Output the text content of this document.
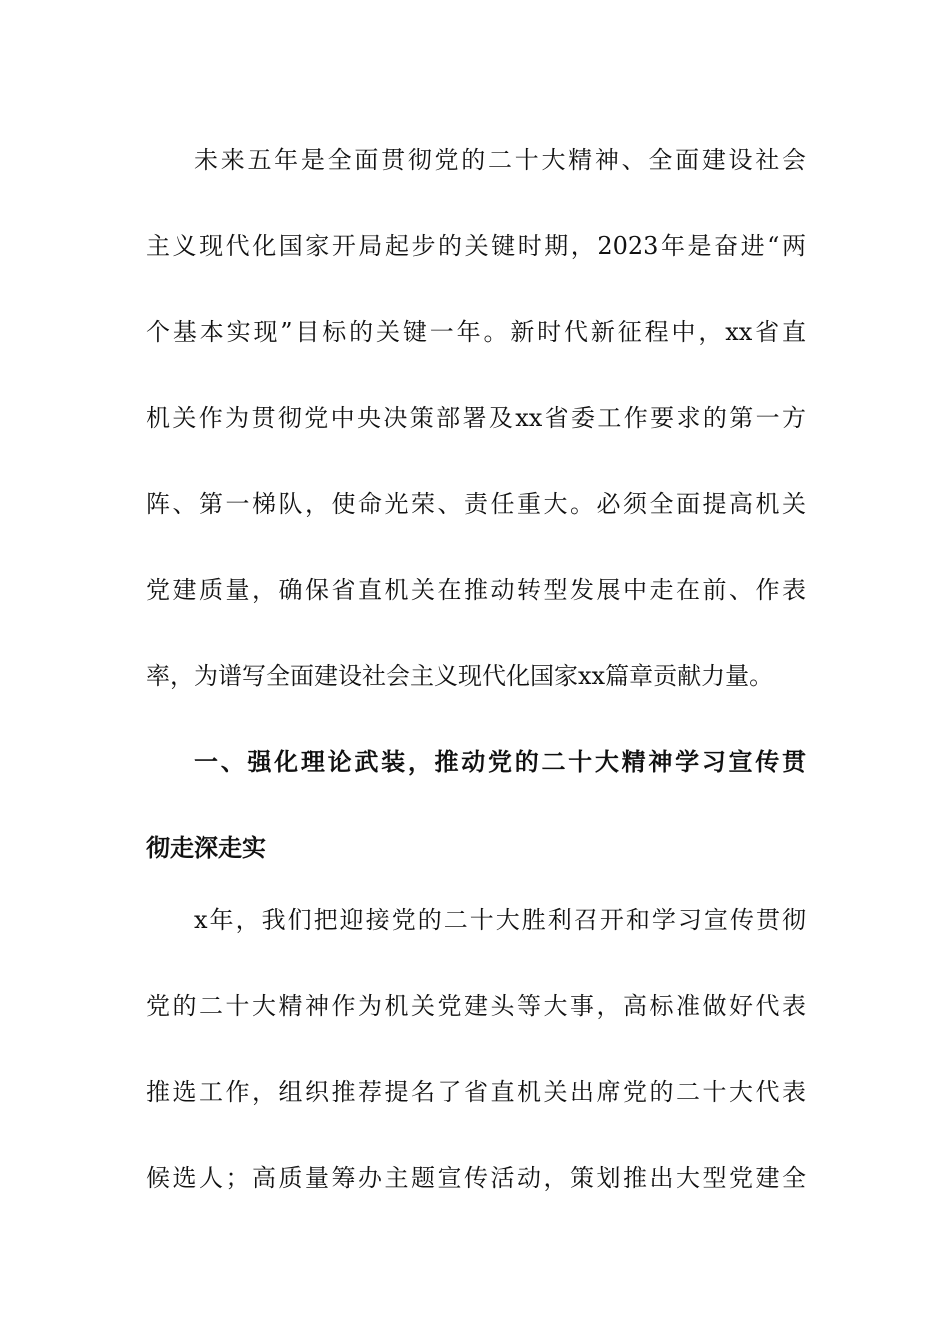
未来五年是全面贯彻党的二十大精神、全面建设社会
主义现代化国家开局起步的关键时期，2023年是奋进“两
个基本实现”目标的关键一年。新时代新征程中，xx省直
机关作为贯彻党中央决策部署及xx省委工作要求的第一方
阵、第一梯队，使命光荣、责任重大。必须全面提高机关
党建质量，确保省直机关在推动转型发展中走在前、作表
率，为谱写全面建设社会主义现代化国家xx篇章贡献力量。
一、强化理论武装，推动党的二十大精神学习宣传贯
彻走深走实
x年，我们把迎接党的二十大胜利召开和学习宣传贯彻
党的二十大精神作为机关党建头等大事，高标准做好代表
推选工作，组织推荐提名了省直机关出席党的二十大代表
候选人；高质量筹办主题宣传活动，策划推出大型党建全
